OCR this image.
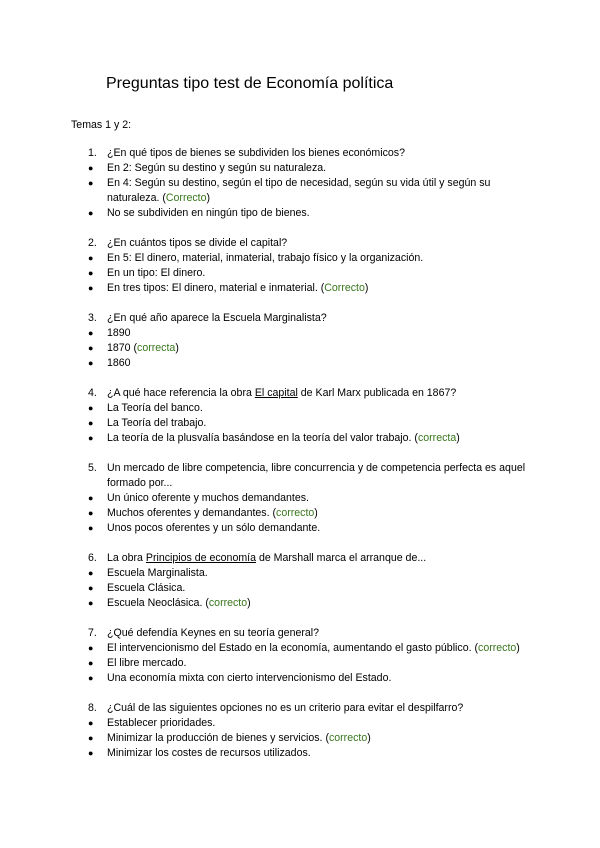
Preguntas tipo test de Economía política
Temas 1 y 2:
1. ¿En qué tipos de bienes se subdividen los bienes económicos?
● En 2: Según su destino y según su naturaleza.
● En 4: Según su destino, según el tipo de necesidad, según su vida útil y según su naturaleza. (Correcto)
● No se subdividen en ningún tipo de bienes.
2. ¿En cuántos tipos se divide el capital?
● En 5: El dinero, material, inmaterial, trabajo físico y la organización.
● En un tipo: El dinero.
● En tres tipos: El dinero, material e inmaterial. (Correcto)
3. ¿En qué año aparece la Escuela Marginalista?
● 1890
● 1870 (correcta)
● 1860
4. ¿A qué hace referencia la obra El capital de Karl Marx publicada en 1867?
● La Teoría del banco.
● La Teoría del trabajo.
● La teoría de la plusvalía basándose en la teoría del valor trabajo. (correcta)
5. Un mercado de libre competencia, libre concurrencia y de competencia perfecta es aquel formado por...
● Un único oferente y muchos demandantes.
● Muchos oferentes y demandantes. (correcto)
● Unos pocos oferentes y un sólo demandante.
6. La obra Principios de economía de Marshall marca el arranque de...
● Escuela Marginalista.
● Escuela Clásica.
● Escuela Neoclásica. (correcto)
7. ¿Qué defendía Keynes en su teoría general?
● El intervencionismo del Estado en la economía, aumentando el gasto público. (correcto)
● El libre mercado.
● Una economía mixta con cierto intervencionismo del Estado.
8. ¿Cuál de las siguientes opciones no es un criterio para evitar el despilfarro?
● Establecer prioridades.
● Minimizar la producción de bienes y servicios. (correcto)
● Minimizar los costes de recursos utilizados.
